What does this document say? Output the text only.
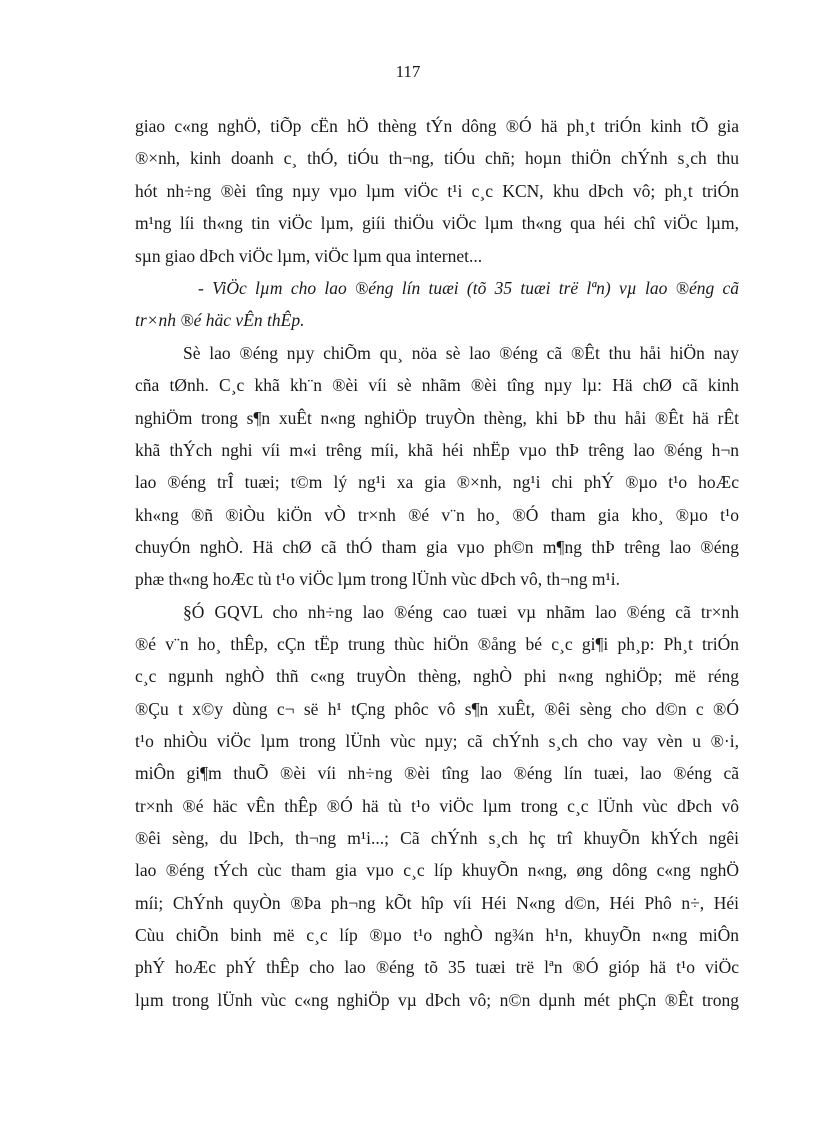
117
giao c«ng nghÖ, tiÕp cËn hÖ thèng tÝn dông ®Ó hä ph¸t triÓn kinh tÕ gia
®×nh, kinh doanh c¸ thÓ, tiÓu th¬ng, tiÓu chñ; hoµn thiÖn chÝnh s¸ch thu
hót nh÷ng ®èi tîng nµy vµo lµm viÖc t¹i c¸c KCN, khu dÞch vô; ph¸t triÓn
m¹ng líi th«ng tin viÖc lµm, giíi thiÖu viÖc lµm th«ng qua héi chî viÖc lµm,
sµn giao dÞch viÖc lµm, viÖc lµm qua internet...
- ViÖc lµm cho lao ®éng lín tuæi (tõ 35 tuæi trë lªn) vµ lao ®éng cã
tr×nh ®é häc vÊn thÊp.
Sè lao ®éng nµy chiÕm qu¸ nöa sè lao ®éng cã ®Êt thu håi hiÖn nay
cña tØnh. C¸c khã kh¨n ®èi víi sè nhãm ®èi tîng nµy lµ: Hä chØ cã kinh
nghiÖm trong s¶n xuÊt n«ng nghiÖp truyÒn thèng, khi bÞ thu håi ®Êt hä rÊt
khã thÝch nghi víi m«i trêng míi, khã héi nhËp vµo thÞ trêng lao ®éng h¬n
lao ®éng trÎ tuæi; t©m lý ng¹i xa gia ®×nh, ng¹i chi phÝ ®µo t¹o hoÆc
kh«ng ®ñ ®iÒu kiÖn vÒ tr×nh ®é v¨n ho¸ ®Ó tham gia kho¸ ®µo t¹o
chuyÓn nghÒ. Hä chØ cã thÓ tham gia vµo ph©n m¶ng thÞ trêng lao ®éng
phæ th«ng hoÆc tù t¹o viÖc lµm trong lÜnh vùc dÞch vô, th¬ng m¹i.
§Ó GQVL cho nh÷ng lao ®éng cao tuæi vµ nhãm lao ®éng cã tr×nh
®é v¨n ho¸ thÊp, cÇn tËp trung thùc hiÖn ®ång bé c¸c gi¶i ph¸p: Ph¸t triÓn
c¸c ngµnh nghÒ thñ c«ng truyÒn thèng, nghÒ phi n«ng nghiÖp; më réng
®Çu t x©y dùng c¬ së h¹ tÇng phôc vô s¶n xuÊt, ®êi sèng cho d©n c ®Ó
t¹o nhiÒu viÖc lµm trong lÜnh vùc nµy; cã chÝnh s¸ch cho vay vèn u ®·i,
miÔn gi¶m thuÕ ®èi víi nh÷ng ®èi tîng lao ®éng lín tuæi, lao ®éng cã
tr×nh ®é häc vÊn thÊp ®Ó hä tù t¹o viÖc lµm trong c¸c lÜnh vùc dÞch vô
®êi sèng, du lÞch, th¬ng m¹i...; Cã chÝnh s¸ch hç trî khuyÕn khÝch ngêi
lao ®éng tÝch cùc tham gia vµo c¸c líp khuyÕn n«ng, øng dông c«ng nghÖ
míi; ChÝnh quyÒn ®Þa ph¬ng kÕt hîp víi Héi N«ng d©n, Héi Phô n÷, Héi
Cùu chiÕn binh më c¸c líp ®µo t¹o nghÒ ng¾n h¹n, khuyÕn n«ng miÔn
phÝ hoÆc phÝ thÊp cho lao ®éng tõ 35 tuæi trë lªn ®Ó gióp hä t¹o viÖc
lµm trong lÜnh vùc c«ng nghiÖp vµ dÞch vô; n©n dµnh mét phÇn ®Êt trong
